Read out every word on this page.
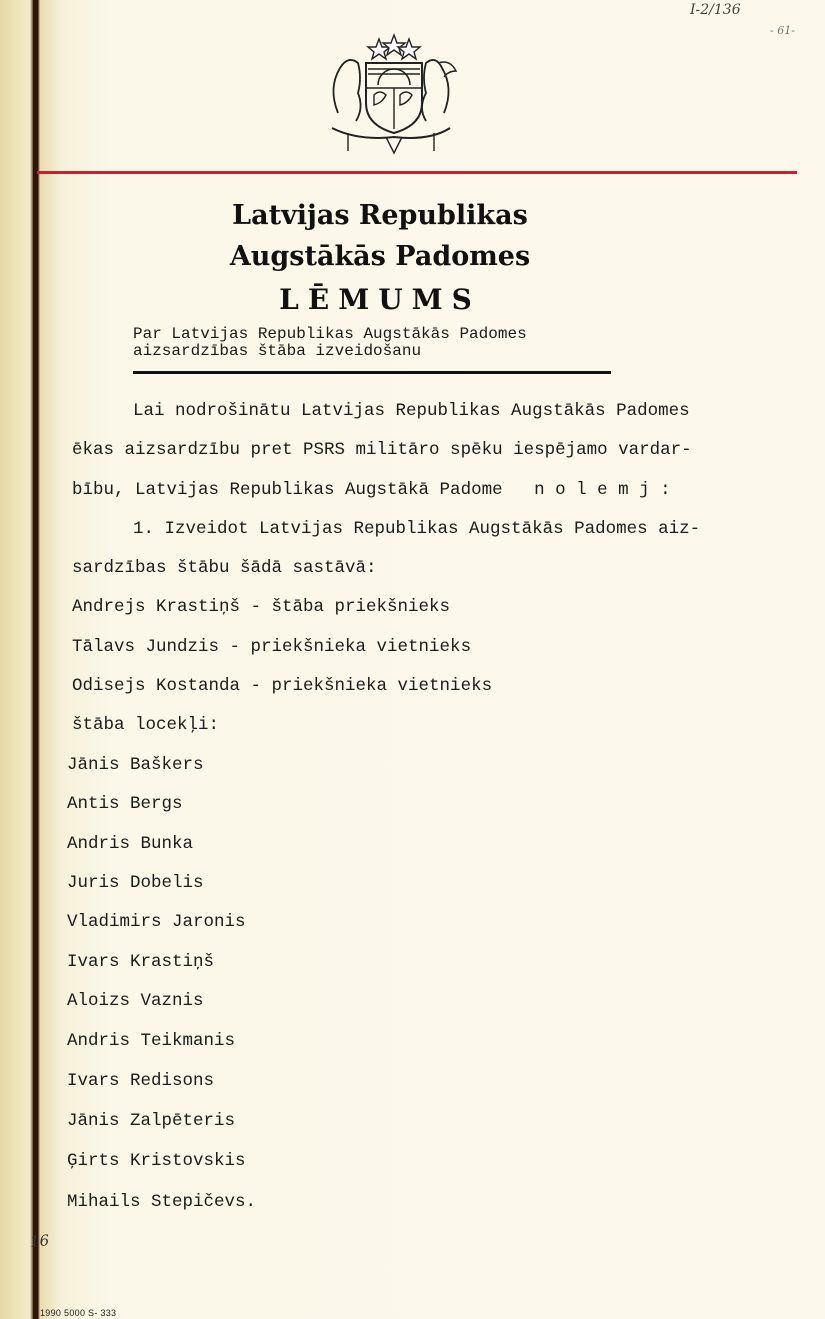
I-2/136
- 61-
Latvijas Republikas
Augstākās Padomes
LĒMUMS
Par Latvijas Republikas Augstākās Padomes
aizsardzības štāba izveidošanu
Lai nodrošinātu Latvijas Republikas Augstākās Padomes
ēkas aizsardzību pret PSRS militāro spēku iespējamo vardar-
bību, Latvijas Republikas Augstākā Padome   n o l e m j :
1. Izveidot Latvijas Republikas Augstākās Padomes aiz-
sardzības štābu šādā sastāvā:
Andrejs Krastiņš - štāba priekšnieks
Tālavs Jundzis - priekšnieka vietnieks
Odisejs Kostanda - priekšnieka vietnieks
štāba locekļi:
Jānis Baškers
Antis Bergs
Andris Bunka
Juris Dobelis
Vladimirs Jaronis
Ivars Krastiņš
Aloizs Vaznis
Andris Teikmanis
Ivars Redisons
Jānis Zalpēteris
Ģirts Kristovskis
Mihails Stepičevs.
16
1990 5000 S- 333
